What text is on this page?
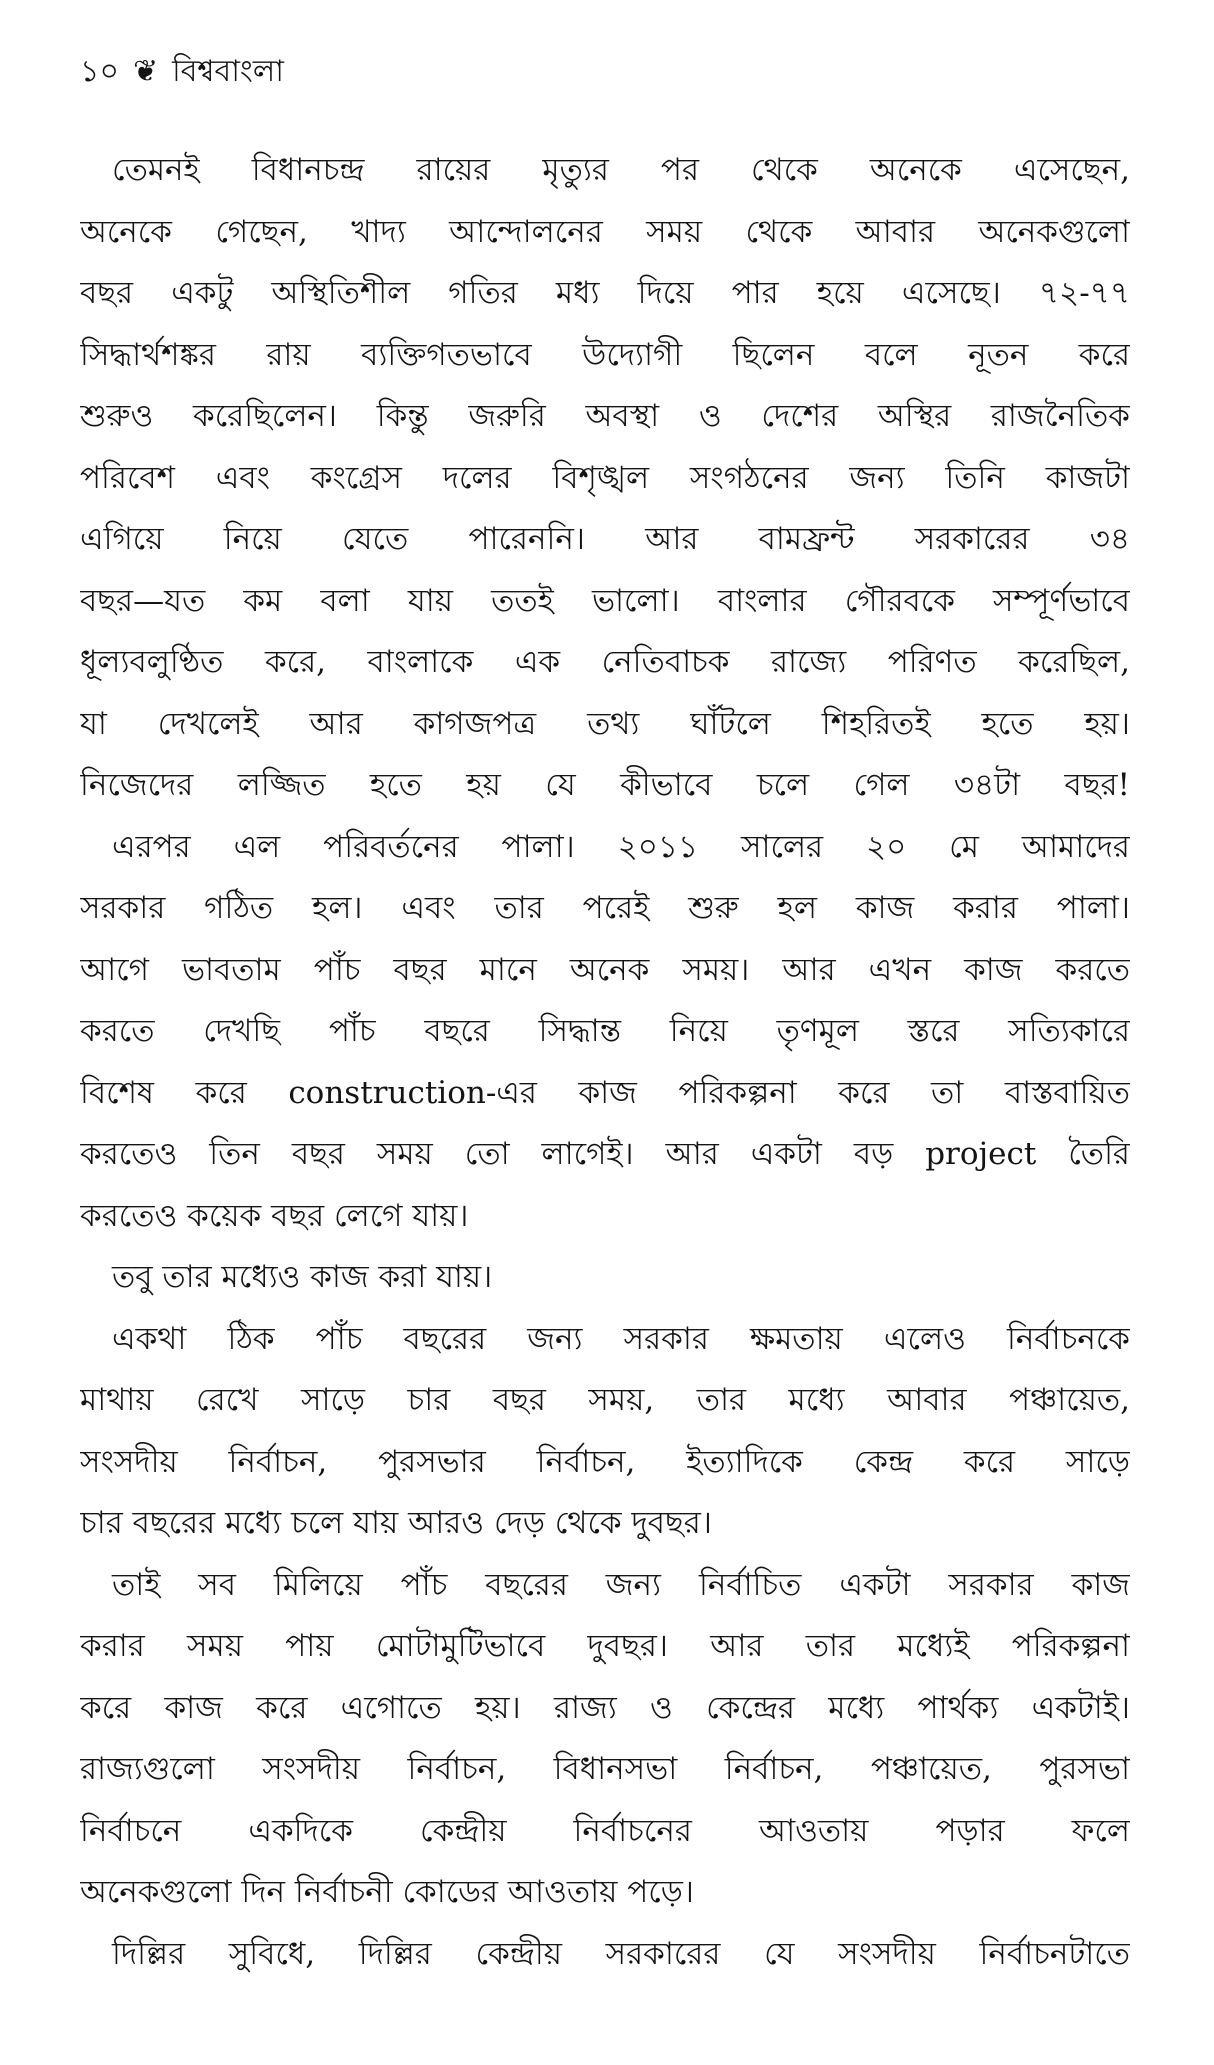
১০ ❦ বিশ্ববাংলা
তেমনই বিধানচন্দ্র রায়ের মৃত্যুর পর থেকে অনেকে এসেছেন,
অনেকে গেছেন, খাদ্য আন্দোলনের সময় থেকে আবার অনেকগুলো
বছর একটু অস্থিতিশীল গতির মধ্য দিয়ে পার হয়ে এসেছে। ৭২-৭৭
সিদ্ধার্থশঙ্কর রায় ব্যক্তিগতভাবে উদ্যোগী ছিলেন বলে নূতন করে
শুরুও করেছিলেন। কিন্তু জরুরি অবস্থা ও দেশের অস্থির রাজনৈতিক
পরিবেশ এবং কংগ্রেস দলের বিশৃঙ্খল সংগঠনের জন্য তিনি কাজটা
এগিয়ে নিয়ে যেতে পারেননি। আর বামফ্রন্ট সরকারের ৩৪
বছর—যত কম বলা যায় ততই ভালো। বাংলার গৌরবকে সম্পূর্ণভাবে
ধূল্যবলুণ্ঠিত করে, বাংলাকে এক নেতিবাচক রাজ্যে পরিণত করেছিল,
যা দেখলেই আর কাগজপত্র তথ্য ঘাঁটলে শিহরিতই হতে হয়।
নিজেদের লজ্জিত হতে হয় যে কীভাবে চলে গেল ৩৪টা বছর!
এরপর এল পরিবর্তনের পালা। ২০১১ সালের ২০ মে আমাদের
সরকার গঠিত হল। এবং তার পরেই শুরু হল কাজ করার পালা।
আগে ভাবতাম পাঁচ বছর মানে অনেক সময়। আর এখন কাজ করতে
করতে দেখছি পাঁচ বছরে সিদ্ধান্ত নিয়ে তৃণমূল স্তরে সত্যিকারে
বিশেষ করে construction-এর কাজ পরিকল্পনা করে তা বাস্তবায়িত
করতেও তিন বছর সময় তো লাগেই। আর একটা বড় project তৈরি
করতেও কয়েক বছর লেগে যায়।
তবু তার মধ্যেও কাজ করা যায়।
একথা ঠিক পাঁচ বছরের জন্য সরকার ক্ষমতায় এলেও নির্বাচনকে
মাথায় রেখে সাড়ে চার বছর সময়, তার মধ্যে আবার পঞ্চায়েত,
সংসদীয় নির্বাচন, পুরসভার নির্বাচন, ইত্যাদিকে কেন্দ্র করে সাড়ে
চার বছরের মধ্যে চলে যায় আরও দেড় থেকে দুবছর।
তাই সব মিলিয়ে পাঁচ বছরের জন্য নির্বাচিত একটা সরকার কাজ
করার সময় পায় মোটামুটিভাবে দুবছর। আর তার মধ্যেই পরিকল্পনা
করে কাজ করে এগোতে হয়। রাজ্য ও কেন্দ্রের মধ্যে পার্থক্য একটাই।
রাজ্যগুলো সংসদীয় নির্বাচন, বিধানসভা নির্বাচন, পঞ্চায়েত, পুরসভা
নির্বাচনে একদিকে কেন্দ্রীয় নির্বাচনের আওতায় পড়ার ফলে
অনেকগুলো দিন নির্বাচনী কোডের আওতায় পড়ে।
দিল্লির সুবিধে, দিল্লির কেন্দ্রীয় সরকারের যে সংসদীয় নির্বাচনটাতে
